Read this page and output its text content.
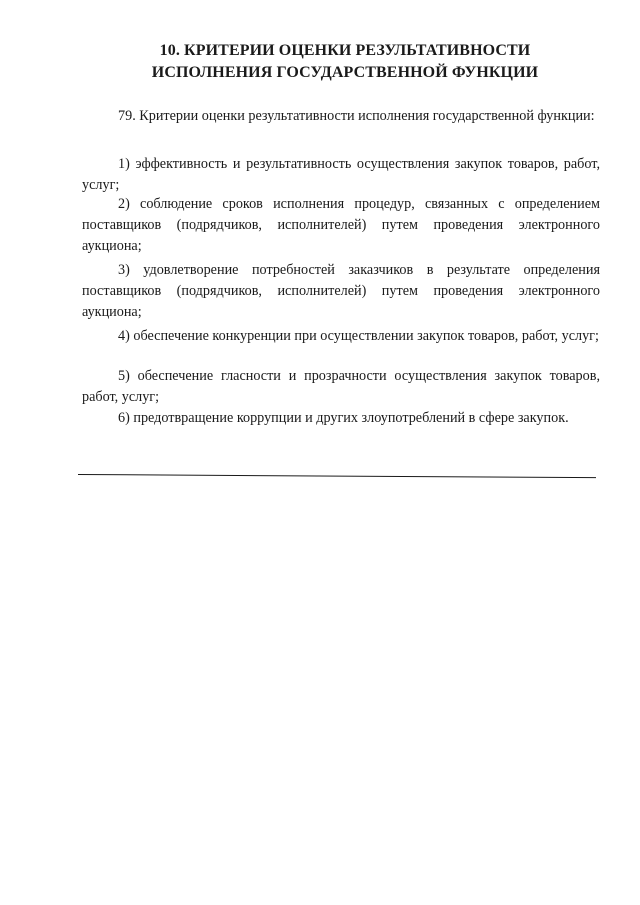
10. КРИТЕРИИ ОЦЕНКИ РЕЗУЛЬТАТИВНОСТИ
ИСПОЛНЕНИЯ ГОСУДАРСТВЕННОЙ ФУНКЦИИ

79. Критерии оценки результативности исполнения государственной функции:

1) эффективность и результативность осуществления закупок товаров, работ, услуг;

2) соблюдение сроков исполнения процедур, связанных с определением поставщиков (подрядчиков, исполнителей) путем проведения электронного аукциона;

3) удовлетворение потребностей заказчиков в результате определения поставщиков (подрядчиков, исполнителей) путем проведения электронного аукциона;

4) обеспечение конкуренции при осуществлении закупок товаров, работ, услуг;

5) обеспечение гласности и прозрачности осуществления закупок товаров, работ, услуг;

6) предотвращение коррупции и других злоупотреблений в сфере закупок.
